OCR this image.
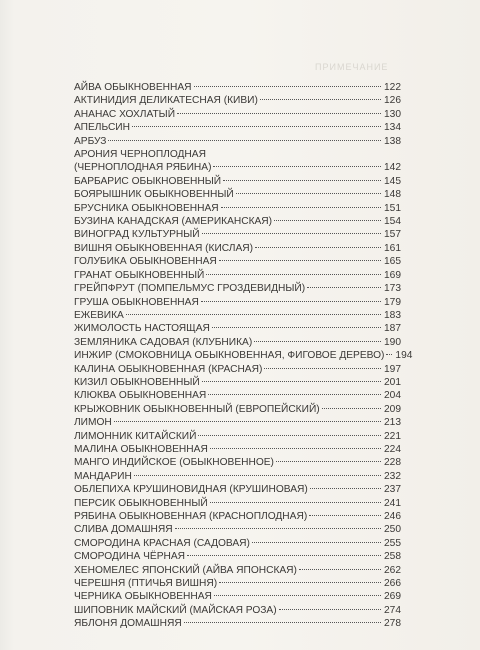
ПРИМЕЧАНИЕ
АЙВА ОБЫКНОВЕННАЯ	122
АКТИНИДИЯ ДЕЛИКАТЕСНАЯ (КИВИ)	126
АНАНАС ХОХЛАТЫЙ	130
АПЕЛЬСИН	134
АРБУЗ	138
АРОНИЯ ЧЕРНОПЛОДНАЯ
(ЧЕРНОПЛОДНАЯ РЯБИНА)	142
БАРБАРИС ОБЫКНОВЕННЫЙ	145
БОЯРЫШНИК ОБЫКНОВЕННЫЙ	148
БРУСНИКА ОБЫКНОВЕННАЯ	151
БУЗИНА КАНАДСКАЯ (АМЕРИКАНСКАЯ)	154
ВИНОГРАД КУЛЬТУРНЫЙ	157
ВИШНЯ ОБЫКНОВЕННАЯ (КИСЛАЯ)	161
ГОЛУБИКА ОБЫКНОВЕННАЯ	165
ГРАНАТ ОБЫКНОВЕННЫЙ	169
ГРЕЙПФРУТ (ПОМПЕЛЬМУС ГРОЗДЕВИДНЫЙ)	173
ГРУША ОБЫКНОВЕННАЯ	179
ЕЖЕВИКА	183
ЖИМОЛОСТЬ НАСТОЯЩАЯ	187
ЗЕМЛЯНИКА САДОВАЯ (КЛУБНИКА)	190
ИНЖИР (СМОКОВНИЦА ОБЫКНОВЕННАЯ, ФИГОВОЕ ДЕРЕВО) 194
КАЛИНА ОБЫКНОВЕННАЯ (КРАСНАЯ)	197
КИЗИЛ ОБЫКНОВЕННЫЙ	201
КЛЮКВА ОБЫКНОВЕННАЯ	204
КРЫЖОВНИК ОБЫКНОВЕННЫЙ (ЕВРОПЕЙСКИЙ)	209
ЛИМОН	213
ЛИМОННИК КИТАЙСКИЙ	221
МАЛИНА ОБЫКНОВЕННАЯ	224
МАНГО ИНДИЙСКОЕ (ОБЫКНОВЕННОЕ)	228
МАНДАРИН	232
ОБЛЕПИХА КРУШИНОВИДНАЯ (КРУШИНОВАЯ)	237
ПЕРСИК ОБЫКНОВЕННЫЙ	241
РЯБИНА ОБЫКНОВЕННАЯ (КРАСНОПЛОДНАЯ)	246
СЛИВА ДОМАШНЯЯ	250
СМОРОДИНА КРАСНАЯ (САДОВАЯ)	255
СМОРОДИНА ЧЁРНАЯ	258
ХЕНОМЕЛЕС ЯПОНСКИЙ (АЙВА ЯПОНСКАЯ)	262
ЧЕРЕШНЯ (ПТИЧЬЯ ВИШНЯ)	266
ЧЕРНИКА ОБЫКНОВЕННАЯ	269
ШИПОВНИК МАЙСКИЙ (МАЙСКАЯ РОЗА)	274
ЯБЛОНЯ ДОМАШНЯЯ	278
